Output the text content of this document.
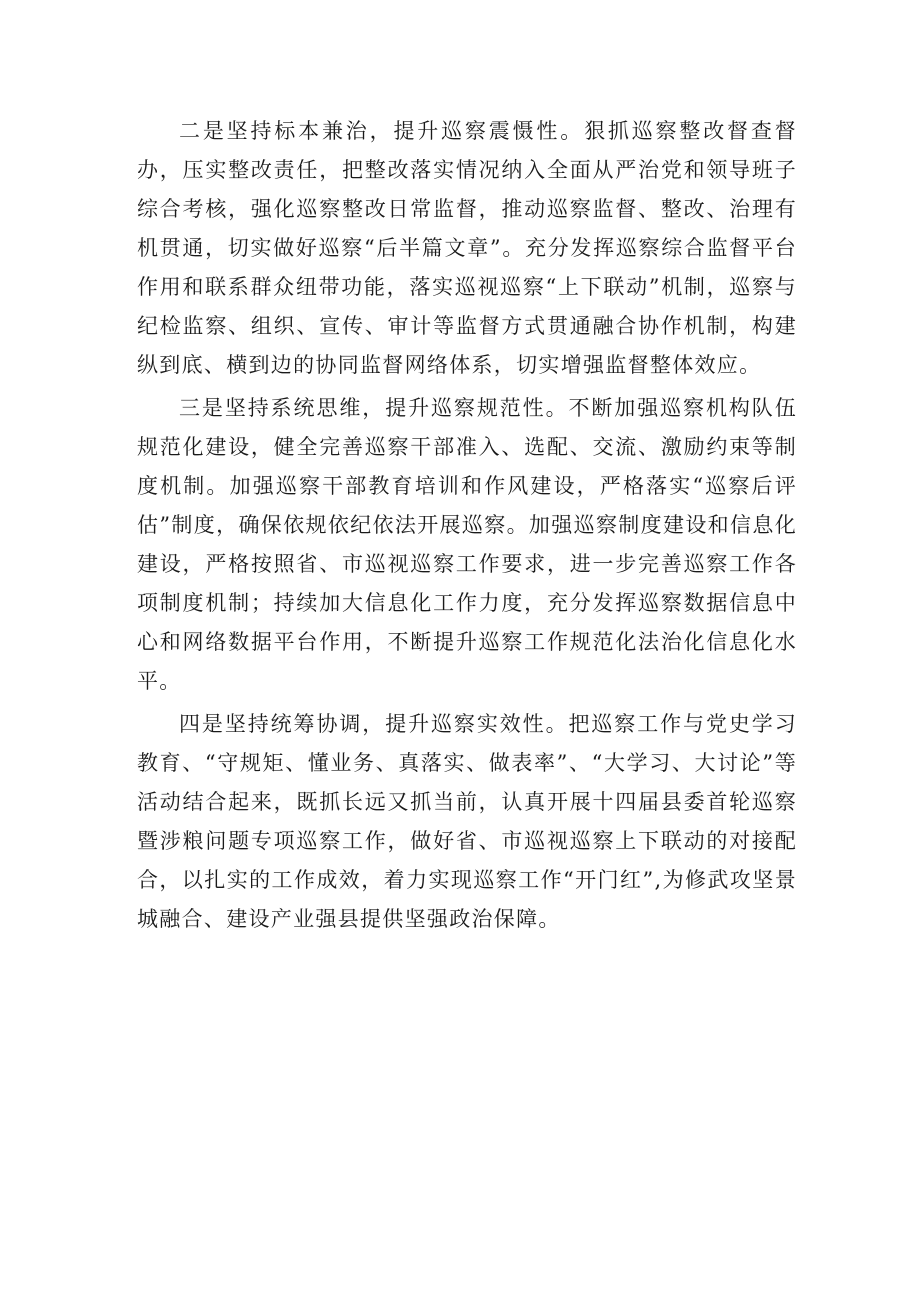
二是坚持标本兼治，提升巡察震慑性。狠抓巡察整改督查督办，压实整改责任，把整改落实情况纳入全面从严治党和领导班子综合考核，强化巡察整改日常监督，推动巡察监督、整改、治理有机贯通，切实做好巡察“后半篇文章”。充分发挥巡察综合监督平台作用和联系群众纽带功能，落实巡视巡察“上下联动”机制，巡察与纪检监察、组织、宣传、审计等监督方式贯通融合协作机制，构建纵到底、横到边的协同监督网络体系，切实增强监督整体效应。

三是坚持系统思维，提升巡察规范性。不断加强巡察机构队伍规范化建设，健全完善巡察干部准入、选配、交流、激励约束等制度机制。加强巡察干部教育培训和作风建设，严格落实“巡察后评估”制度，确保依规依纪依法开展巡察。加强巡察制度建设和信息化建设，严格按照省、市巡视巡察工作要求，进一步完善巡察工作各项制度机制；持续加大信息化工作力度，充分发挥巡察数据信息中心和网络数据平台作用，不断提升巡察工作规范化法治化信息化水平。

四是坚持统筹协调，提升巡察实效性。把巡察工作与党史学习教育、“守规矩、懂业务、真落实、做表率”、“大学习、大讨论”等活动结合起来，既抓长远又抓当前，认真开展十四届县委首轮巡察暨涉粮问题专项巡察工作，做好省、市巡视巡察上下联动的对接配合，以扎实的工作成效，着力实现巡察工作“开门红”,为修武攻坚景城融合、建设产业强县提供坚强政治保障。
